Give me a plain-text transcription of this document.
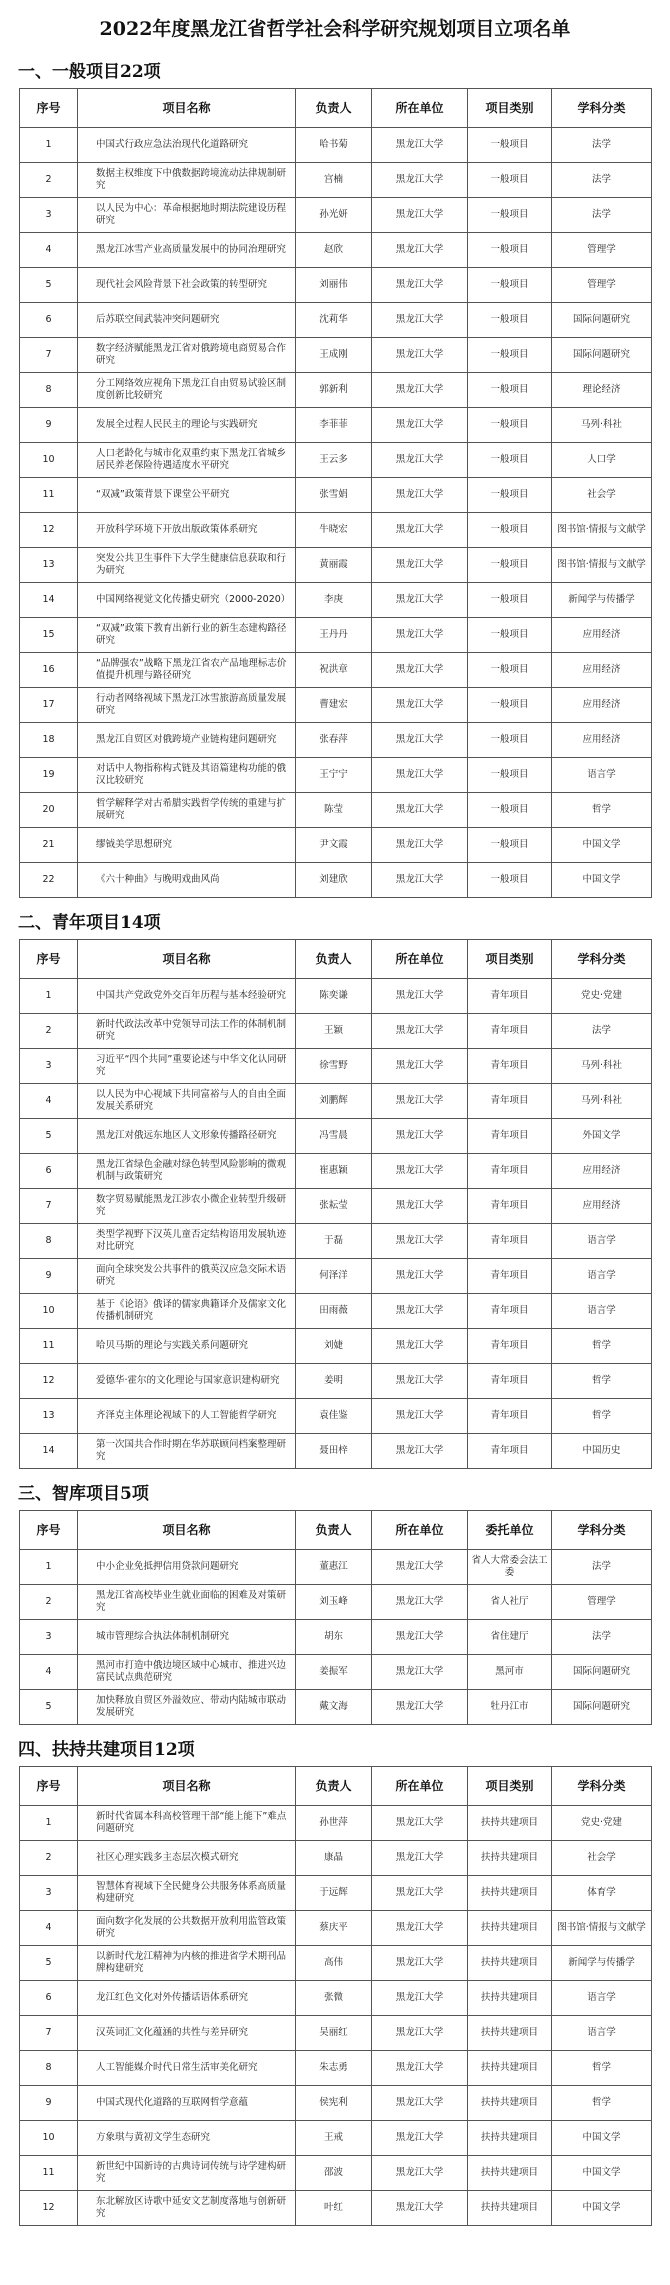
2022年度黑龙江省哲学社会科学研究规划项目立项名单
一、一般项目22项
序号	项目名称	负责人	所在单位	项目类别	学科分类
1	中国式行政应急法治现代化道路研究	哈书菊	黑龙江大学	一般项目	法学
2	数据主权维度下中俄数据跨境流动法律规制研究	宫楠	黑龙江大学	一般项目	法学
3	以人民为中心：革命根据地时期法院建设历程研究	孙光妍	黑龙江大学	一般项目	法学
4	黑龙江冰雪产业高质量发展中的协同治理研究	赵欣	黑龙江大学	一般项目	管理学
5	现代社会风险背景下社会政策的转型研究	刘丽伟	黑龙江大学	一般项目	管理学
6	后苏联空间武装冲突问题研究	沈莉华	黑龙江大学	一般项目	国际问题研究
7	数字经济赋能黑龙江省对俄跨境电商贸易合作研究	王成刚	黑龙江大学	一般项目	国际问题研究
8	分工网络效应视角下黑龙江自由贸易试验区制度创新比较研究	郭新利	黑龙江大学	一般项目	理论经济
9	发展全过程人民民主的理论与实践研究	李菲菲	黑龙江大学	一般项目	马列·科社
10	人口老龄化与城市化双重约束下黑龙江省城乡居民养老保险待遇适度水平研究	王云多	黑龙江大学	一般项目	人口学
11	“双减”政策背景下课堂公平研究	张雪娟	黑龙江大学	一般项目	社会学
12	开放科学环境下开放出版政策体系研究	牛晓宏	黑龙江大学	一般项目	图书馆·情报与文献学
13	突发公共卫生事件下大学生健康信息获取和行为研究	黄丽霞	黑龙江大学	一般项目	图书馆·情报与文献学
14	中国网络视觉文化传播史研究（2000-2020）	李庚	黑龙江大学	一般项目	新闻学与传播学
15	“双减”政策下教育出新行业的新生态建构路径研究	王丹丹	黑龙江大学	一般项目	应用经济
16	“品牌强农”战略下黑龙江省农产品地理标志价值提升机理与路径研究	祝洪章	黑龙江大学	一般项目	应用经济
17	行动者网络视域下黑龙江冰雪旅游高质量发展研究	曹建宏	黑龙江大学	一般项目	应用经济
18	黑龙江自贸区对俄跨境产业链构建问题研究	张春萍	黑龙江大学	一般项目	应用经济
19	对话中人物指称构式链及其语篇建构功能的俄汉比较研究	王宁宁	黑龙江大学	一般项目	语言学
20	哲学解释学对古希腊实践哲学传统的重建与扩展研究	陈莹	黑龙江大学	一般项目	哲学
21	缪钺美学思想研究	尹文霞	黑龙江大学	一般项目	中国文学
22	《六十种曲》与晚明戏曲风尚	刘建欣	黑龙江大学	一般项目	中国文学
二、青年项目14项
序号	项目名称	负责人	所在单位	项目类别	学科分类
1	中国共产党政党外交百年历程与基本经验研究	陈奕谦	黑龙江大学	青年项目	党史·党建
2	新时代政法改革中党领导司法工作的体制机制研究	王颖	黑龙江大学	青年项目	法学
3	习近平“四个共同”重要论述与中华文化认同研究	徐雪野	黑龙江大学	青年项目	马列·科社
4	以人民为中心视域下共同富裕与人的自由全面发展关系研究	刘鹏辉	黑龙江大学	青年项目	马列·科社
5	黑龙江对俄远东地区人文形象传播路径研究	冯雪晨	黑龙江大学	青年项目	外国文学
6	黑龙江省绿色金融对绿色转型风险影响的微观机制与政策研究	崔惠颖	黑龙江大学	青年项目	应用经济
7	数字贸易赋能黑龙江涉农小微企业转型升级研究	张耘莹	黑龙江大学	青年项目	应用经济
8	类型学视野下汉英儿童否定结构语用发展轨迹对比研究	于磊	黑龙江大学	青年项目	语言学
9	面向全球突发公共事件的俄英汉应急交际术语研究	何泽洋	黑龙江大学	青年项目	语言学
10	基于《论语》俄译的儒家典籍译介及儒家文化传播机制研究	田雨薇	黑龙江大学	青年项目	语言学
11	哈贝马斯的理论与实践关系问题研究	刘婕	黑龙江大学	青年项目	哲学
12	爱德华·霍尔的文化理论与国家意识建构研究	姜明	黑龙江大学	青年项目	哲学
13	齐泽克主体理论视域下的人工智能哲学研究	袁佳鉴	黑龙江大学	青年项目	哲学
14	第一次国共合作时期在华苏联顾问档案整理研究	聂田梓	黑龙江大学	青年项目	中国历史
三、智库项目5项
序号	项目名称	负责人	所在单位	委托单位	学科分类
1	中小企业免抵押信用贷款问题研究	董惠江	黑龙江大学	省人大常委会法工委	法学
2	黑龙江省高校毕业生就业面临的困难及对策研究	刘玉峰	黑龙江大学	省人社厅	管理学
3	城市管理综合执法体制机制研究	胡东	黑龙江大学	省住建厅	法学
4	黑河市打造中俄边境区域中心城市、推进兴边富民试点典范研究	姜振军	黑龙江大学	黑河市	国际问题研究
5	加快释放自贸区外溢效应、带动内陆城市联动发展研究	戴文海	黑龙江大学	牡丹江市	国际问题研究
四、扶持共建项目12项
序号	项目名称	负责人	所在单位	项目类别	学科分类
1	新时代省属本科高校管理干部“能上能下”难点问题研究	孙世萍	黑龙江大学	扶持共建项目	党史·党建
2	社区心理实践多主态层次模式研究	康晶	黑龙江大学	扶持共建项目	社会学
3	智慧体育视域下全民健身公共服务体系高质量构建研究	于远辉	黑龙江大学	扶持共建项目	体育学
4	面向数字化发展的公共数据开放利用监管政策研究	蔡庆平	黑龙江大学	扶持共建项目	图书馆·情报与文献学
5	以新时代龙江精神为内核的推进省学术期刊品牌构建研究	高伟	黑龙江大学	扶持共建项目	新闻学与传播学
6	龙江红色文化对外传播话语体系研究	张微	黑龙江大学	扶持共建项目	语言学
7	汉英词汇文化蕴涵的共性与差异研究	吴丽红	黑龙江大学	扶持共建项目	语言学
8	人工智能媒介时代日常生活审美化研究	朱志勇	黑龙江大学	扶持共建项目	哲学
9	中国式现代化道路的互联网哲学意蕴	侯宪利	黑龙江大学	扶持共建项目	哲学
10	方象琪与黄初文学生态研究	王戒	黑龙江大学	扶持共建项目	中国文学
11	新世纪中国新诗的古典诗词传统与诗学建构研究	邵波	黑龙江大学	扶持共建项目	中国文学
12	东北解放区诗歌中延安文艺制度落地与创新研究	叶红	黑龙江大学	扶持共建项目	中国文学
